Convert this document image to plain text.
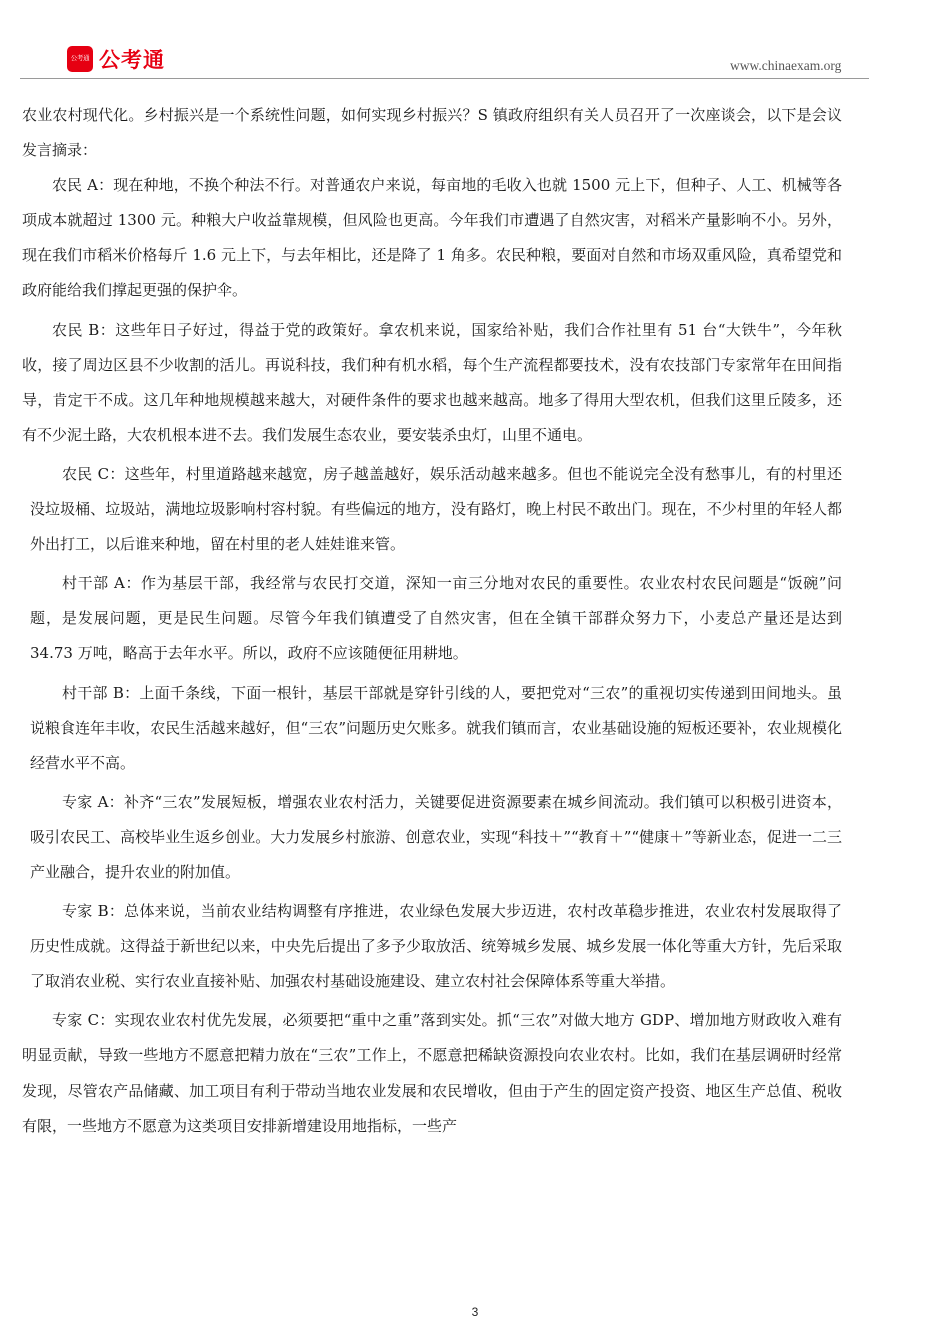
公考通 公考通	www.chinaexam.org

农业农村现代化。乡村振兴是一个系统性问题，如何实现乡村振兴？S 镇政府组织有关人员召开了一次座谈会，以下是会议发言摘录：

农民 A：现在种地，不换个种法不行。对普通农户来说，每亩地的毛收入也就 1500 元上下，但种子、人工、机械等各项成本就超过 1300 元。种粮大户收益靠规模，但风险也更高。今年我们市遭遇了自然灾害，对稻米产量影响不小。另外，现在我们市稻米价格每斤 1.6 元上下，与去年相比，还是降了 1 角多。农民种粮，要面对自然和市场双重风险，真希望党和政府能给我们撑起更强的保护伞。

农民 B：这些年日子好过，得益于党的政策好。拿农机来说，国家给补贴，我们合作社里有 51 台“大铁牛”，今年秋收，接了周边区县不少收割的活儿。再说科技，我们种有机水稻，每个生产流程都要技术，没有农技部门专家常年在田间指导，肯定干不成。这几年种地规模越来越大，对硬件条件的要求也越来越高。地多了得用大型农机，但我们这里丘陵多，还有不少泥土路，大农机根本进不去。我们发展生态农业，要安装杀虫灯，山里不通电。

农民 C：这些年，村里道路越来越宽，房子越盖越好，娱乐活动越来越多。但也不能说完全没有愁事儿，有的村里还没垃圾桶、垃圾站，满地垃圾影响村容村貌。有些偏远的地方，没有路灯，晚上村民不敢出门。现在，不少村里的年轻人都外出打工，以后谁来种地，留在村里的老人娃娃谁来管。

村干部 A：作为基层干部，我经常与农民打交道，深知一亩三分地对农民的重要性。农业农村农民问题是“饭碗”问题，是发展问题，更是民生问题。尽管今年我们镇遭受了自然灾害，但在全镇干部群众努力下，小麦总产量还是达到 34.73 万吨，略高于去年水平。所以，政府不应该随便征用耕地。

村干部 B：上面千条线，下面一根针，基层干部就是穿针引线的人，要把党对“三农”的重视切实传递到田间地头。虽说粮食连年丰收，农民生活越来越好，但“三农”问题历史欠账多。就我们镇而言，农业基础设施的短板还要补，农业规模化经营水平不高。

专家 A：补齐“三农”发展短板，增强农业农村活力，关键要促进资源要素在城乡间流动。我们镇可以积极引进资本，吸引农民工、高校毕业生返乡创业。大力发展乡村旅游、创意农业，实现“科技＋”“教育＋”“健康＋”等新业态，促进一二三产业融合，提升农业的附加值。

专家 B：总体来说，当前农业结构调整有序推进，农业绿色发展大步迈进，农村改革稳步推进，农业农村发展取得了历史性成就。这得益于新世纪以来，中央先后提出了多予少取放活、统筹城乡发展、城乡发展一体化等重大方针，先后采取了取消农业税、实行农业直接补贴、加强农村基础设施建设、建立农村社会保障体系等重大举措。

专家 C：实现农业农村优先发展，必须要把“重中之重”落到实处。抓“三农”对做大地方 GDP、增加地方财政收入难有明显贡献，导致一些地方不愿意把精力放在“三农”工作上，不愿意把稀缺资源投向农业农村。比如，我们在基层调研时经常发现，尽管农产品储藏、加工项目有利于带动当地农业发展和农民增收，但由于产生的固定资产投资、地区生产总值、税收有限，一些地方不愿意为这类项目安排新增建设用地指标，一些产

3
